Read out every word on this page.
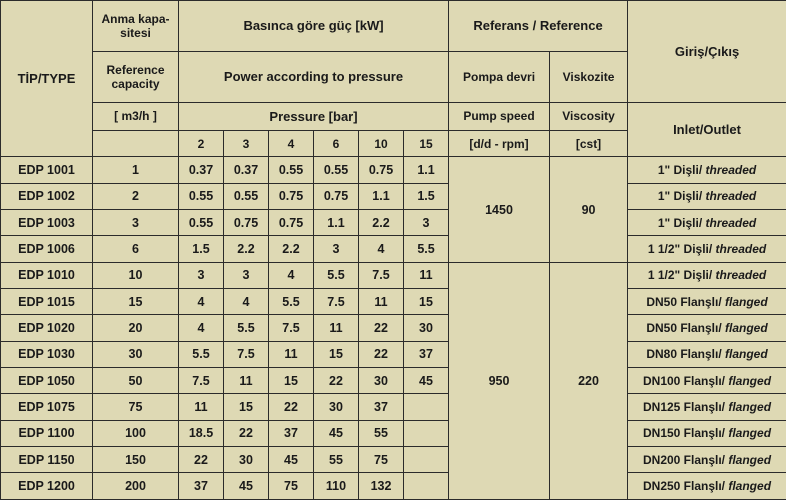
TİP/TYPE	Anma kapa-sitesi	Basınca göre güç [kW]						Referans / Reference		Giriş/Çıkış
	Reference capacity	Power according to pressure						Pompa devri	Viskozite	
	[ m3/h ]	Pressure [bar]						Pump speed	Viscosity	Inlet/Outlet
		2	3	4	6	10	15	[d/d - rpm]	[cst]	
EDP 1001	1	0.37	0.37	0.55	0.55	0.75	1.1	1450	90	1" Dişli/ threaded
EDP 1002	2	0.55	0.55	0.75	0.75	1.1	1.5			1" Dişli/ threaded
EDP 1003	3	0.55	0.75	0.75	1.1	2.2	3			1" Dişli/ threaded
EDP 1006	6	1.5	2.2	2.2	3	4	5.5			1 1/2" Dişli/ threaded
EDP 1010	10	3	3	4	5.5	7.5	11	950	220	1 1/2" Dişli/ threaded
EDP 1015	15	4	4	5.5	7.5	11	15			DN50 Flanşlı/ flanged
EDP 1020	20	4	5.5	7.5	11	22	30			DN50 Flanşlı/ flanged
EDP 1030	30	5.5	7.5	11	15	22	37			DN80 Flanşlı/ flanged
EDP 1050	50	7.5	11	15	22	30	45			DN100 Flanşlı/ flanged
EDP 1075	75	11	15	22	30	37				DN125 Flanşlı/ flanged
EDP 1100	100	18.5	22	37	45	55				DN150 Flanşlı/ flanged
EDP 1150	150	22	30	45	55	75				DN200 Flanşlı/ flanged
EDP 1200	200	37	45	75	110	132				DN250 Flanşlı/ flanged
